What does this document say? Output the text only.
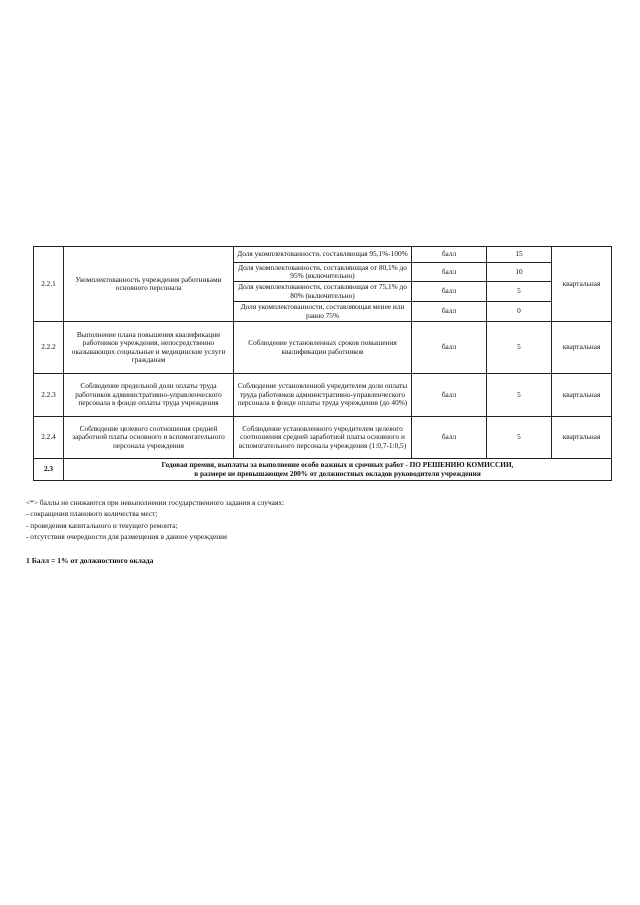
2.2.1	Укомплектованность учреждения работниками основного персонала	Доля укомплектованности, составляющая 95,1%-100%	балл	15	квартальная
		Доля укомплектованности, составляющая от 80,1% до 95% (включительно)	балл	10	
		Доля укомплектованности, составляющая от 75,1% до 80% (включительно)	балл	5	
		Доля укомплектованности, составляющая менее или равно 75%	балл	0	
2.2.2	Выполнение плана повышения квалификации работников учреждения, непосредственно оказывающих социальные и медицинские услуги гражданам	Соблюдение установленных сроков повышения квалификации работников	балл	5	квартальная
2.2.3	Соблюдение предельной доли оплаты труда работников административно-управленческого персонала в фонде оплаты труда учреждения	Соблюдение установленной учредителем доли оплаты труда работников административно-управленческого персонала в фонде оплаты труда учреждения (до 40%)	балл	5	квартальная
2.2.4	Соблюдение целевого соотношения средней заработной платы основного и вспомогательного персонала учреждения	Соблюдение установленного учредителем целевого соотношения средней заработной платы основного и вспомогательного персонала учреждения (1:0,7-1:0,5)	балл	5	квартальная
2.3	Годовая премия, выплаты за выполнение особо важных и срочных работ - ПО РЕШЕНИЮ КОМИССИИ,
в размере не превышающем 200% от должностных окладов руководителя учреждения				
<*> баллы не снижаются при невыполнении государственного задания в случаях:
- сокращения планового количества мест;
- проведения капитального и текущего ремонта;
- отсутствия очередности для размещения в данное учреждение
1 Балл = 1% от должностного оклада
